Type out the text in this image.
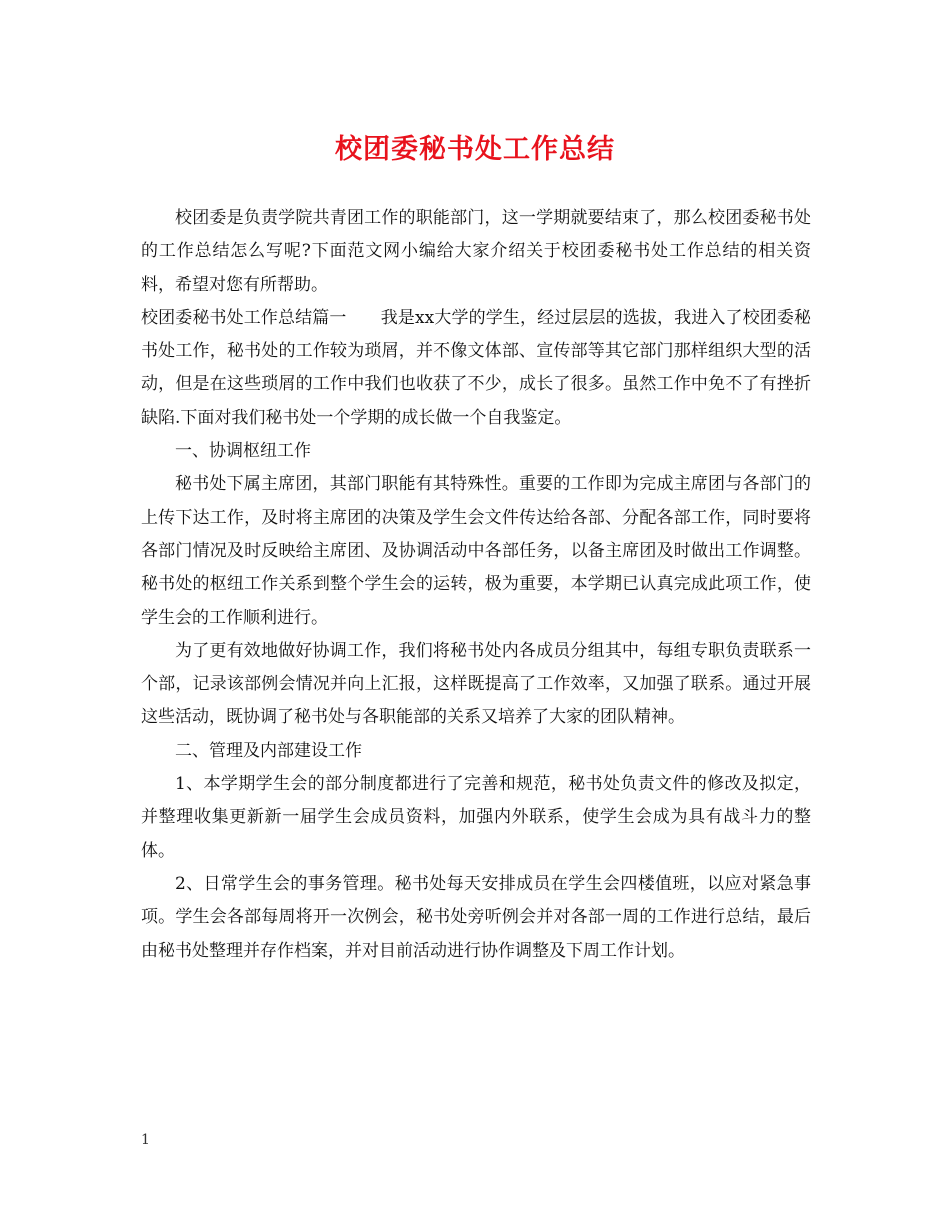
校团委秘书处工作总结

校团委是负责学院共青团工作的职能部门，这一学期就要结束了，那么校团委秘书处的工作总结怎么写呢?下面范文网小编给大家介绍关于校团委秘书处工作总结的相关资料，希望对您有所帮助。

校团委秘书处工作总结篇一　　我是xx大学的学生，经过层层的选拔，我进入了校团委秘书处工作，秘书处的工作较为琐屑，并不像文体部、宣传部等其它部门那样组织大型的活动，但是在这些琐屑的工作中我们也收获了不少，成长了很多。虽然工作中免不了有挫折缺陷.下面对我们秘书处一个学期的成长做一个自我鉴定。

一、协调枢纽工作

秘书处下属主席团，其部门职能有其特殊性。重要的工作即为完成主席团与各部门的上传下达工作，及时将主席团的决策及学生会文件传达给各部、分配各部工作，同时要将各部门情况及时反映给主席团、及协调活动中各部任务，以备主席团及时做出工作调整。秘书处的枢纽工作关系到整个学生会的运转，极为重要，本学期已认真完成此项工作，使学生会的工作顺利进行。

为了更有效地做好协调工作，我们将秘书处内各成员分组其中，每组专职负责联系一个部，记录该部例会情况并向上汇报，这样既提高了工作效率，又加强了联系。通过开展这些活动，既协调了秘书处与各职能部的关系又培养了大家的团队精神。

二、管理及内部建设工作

1、本学期学生会的部分制度都进行了完善和规范，秘书处负责文件的修改及拟定，并整理收集更新新一届学生会成员资料，加强内外联系，使学生会成为具有战斗力的整体。

2、日常学生会的事务管理。秘书处每天安排成员在学生会四楼值班，以应对紧急事项。学生会各部每周将开一次例会，秘书处旁听例会并对各部一周的工作进行总结，最后由秘书处整理并存作档案，并对目前活动进行协作调整及下周工作计划。

1
